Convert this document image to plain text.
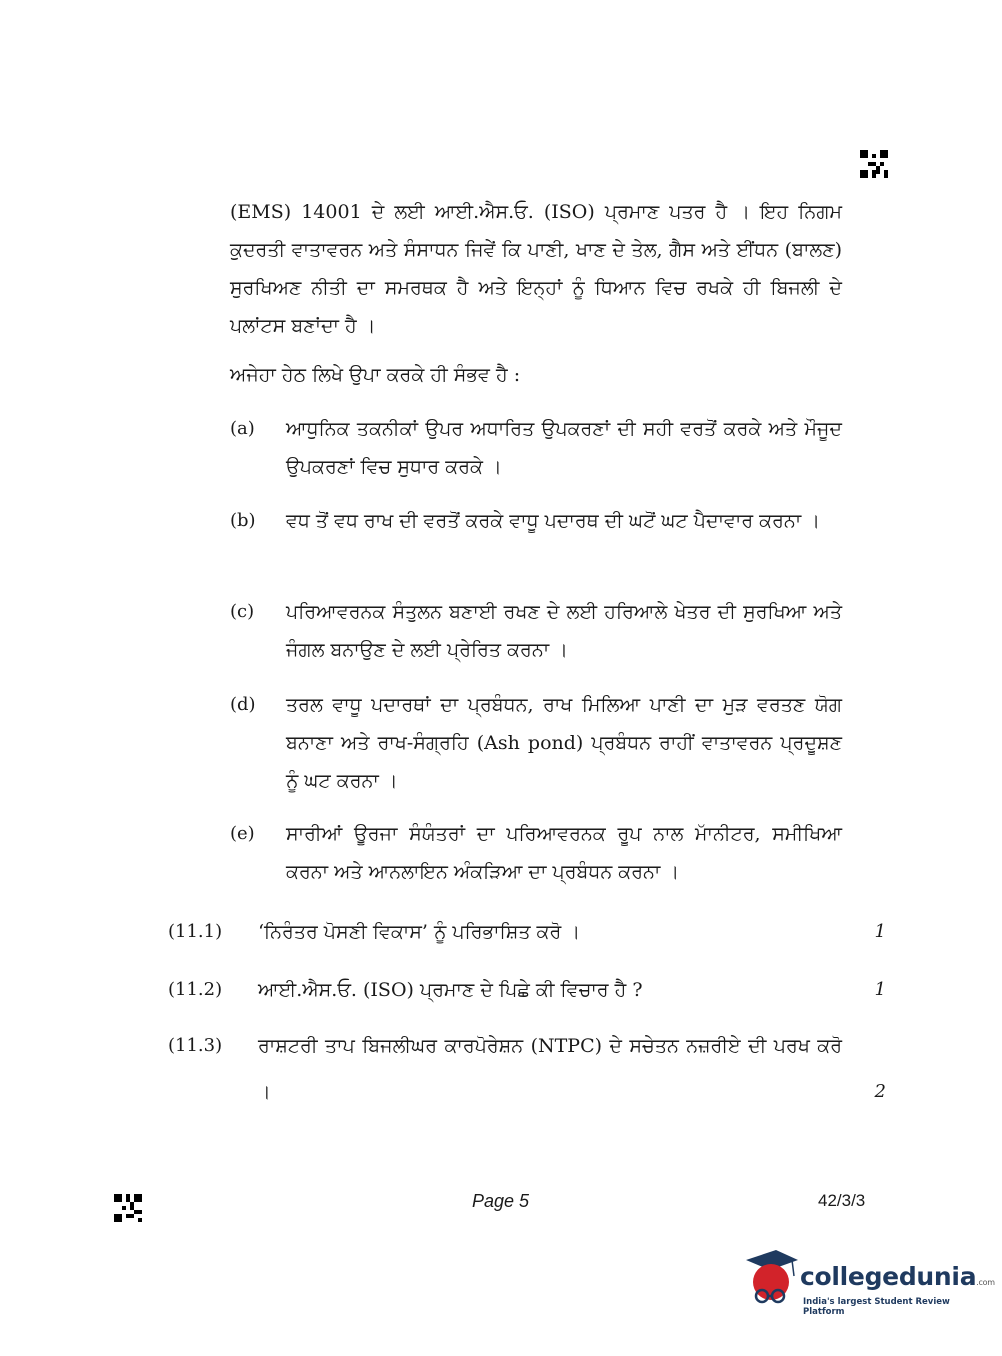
(EMS) 14001 ਦੇ ਲਈ ਆਈ.ਐਸ.ਓ. (ISO) ਪ੍ਰਮਾਣ ਪਤਰ ਹੈ । ਇਹ ਨਿਗਮ ਕੁਦਰਤੀ ਵਾਤਾਵਰਨ ਅਤੇ ਸੰਸਾਧਨ ਜਿਵੇਂ ਕਿ ਪਾਣੀ, ਖਾਣ ਦੇ ਤੇਲ, ਗੈਸ ਅਤੇ ਈਂਧਨ (ਬਾਲਣ) ਸੁਰਖਿਅਣ ਨੀਤੀ ਦਾ ਸਮਰਥਕ ਹੈ ਅਤੇ ਇਨ੍ਹਾਂ ਨੂੰ ਧਿਆਨ ਵਿਚ ਰਖਕੇ ਹੀ ਬਿਜਲੀ ਦੇ ਪਲਾਂਟਸ ਬਣਾਂਦਾ ਹੈ ।
ਅਜੇਹਾ ਹੇਠ ਲਿਖੇ ਉਪਾ ਕਰਕੇ ਹੀ ਸੰਭਵ ਹੈ :
(a) ਆਧੁਨਿਕ ਤਕਨੀਕਾਂ ਉਪਰ ਅਧਾਰਿਤ ਉਪਕਰਣਾਂ ਦੀ ਸਹੀ ਵਰਤੋਂ ਕਰਕੇ ਅਤੇ ਮੌਜੂਦ ਉਪਕਰਣਾਂ ਵਿਚ ਸੁਧਾਰ ਕਰਕੇ ।
(b) ਵਧ ਤੋਂ ਵਧ ਰਾਖ ਦੀ ਵਰਤੋਂ ਕਰਕੇ ਵਾਧੂ ਪਦਾਰਥ ਦੀ ਘਟੋਂ ਘਟ ਪੈਦਾਵਾਰ ਕਰਨਾ ।
(c) ਪਰਿਆਵਰਨਕ ਸੰਤੁਲਨ ਬਣਾਈ ਰਖਣ ਦੇ ਲਈ ਹਰਿਆਲੇ ਖੇਤਰ ਦੀ ਸੁਰਖਿਆ ਅਤੇ ਜੰਗਲ ਬਨਾਉਣ ਦੇ ਲਈ ਪ੍ਰੇਰਿਤ ਕਰਨਾ ।
(d) ਤਰਲ ਵਾਧੂ ਪਦਾਰਥਾਂ ਦਾ ਪ੍ਰਬੰਧਨ, ਰਾਖ ਮਿਲਿਆ ਪਾਣੀ ਦਾ ਮੁੜ ਵਰਤਣ ਯੋਗ ਬਨਾਣਾ ਅਤੇ ਰਾਖ-ਸੰਗ੍ਰਹਿ (Ash pond) ਪ੍ਰਬੰਧਨ ਰਾਹੀਂ ਵਾਤਾਵਰਨ ਪ੍ਰਦੂਸ਼ਣ ਨੂੰ ਘਟ ਕਰਨਾ ।
(e) ਸਾਰੀਆਂ ਊਰਜਾ ਸੰਯੰਤਰਾਂ ਦਾ ਪਰਿਆਵਰਨਕ ਰੂਪ ਨਾਲ ਮਾੱਨੀਟਰ, ਸਮੀਖਿਆ ਕਰਨਾ ਅਤੇ ਆਨਲਾਇਨ ਅੰਕੜਿਆ ਦਾ ਪ੍ਰਬੰਧਨ ਕਰਨਾ ।
(11.1) ‘ਨਿਰੰਤਰ ਪੋਸਣੀ ਵਿਕਾਸ’ ਨੂੰ ਪਰਿਭਾਸ਼ਿਤ ਕਰੋ ।	1
(11.2) ਆਈ.ਐਸ.ਓ. (ISO) ਪ੍ਰਮਾਣ ਦੇ ਪਿਛੇ ਕੀ ਵਿਚਾਰ ਹੈ ?	1
(11.3) ਰਾਸ਼ਟਰੀ ਤਾਪ ਬਿਜਲੀਘਰ ਕਾਰਪੋਰੇਸ਼ਨ (NTPC) ਦੇ ਸਚੇਤਨ ਨਜ਼ਰੀਏ ਦੀ ਪਰਖ ਕਰੋ ।	2
Page 5	42/3/3
collegedunia.com
India's largest Student Review Platform
